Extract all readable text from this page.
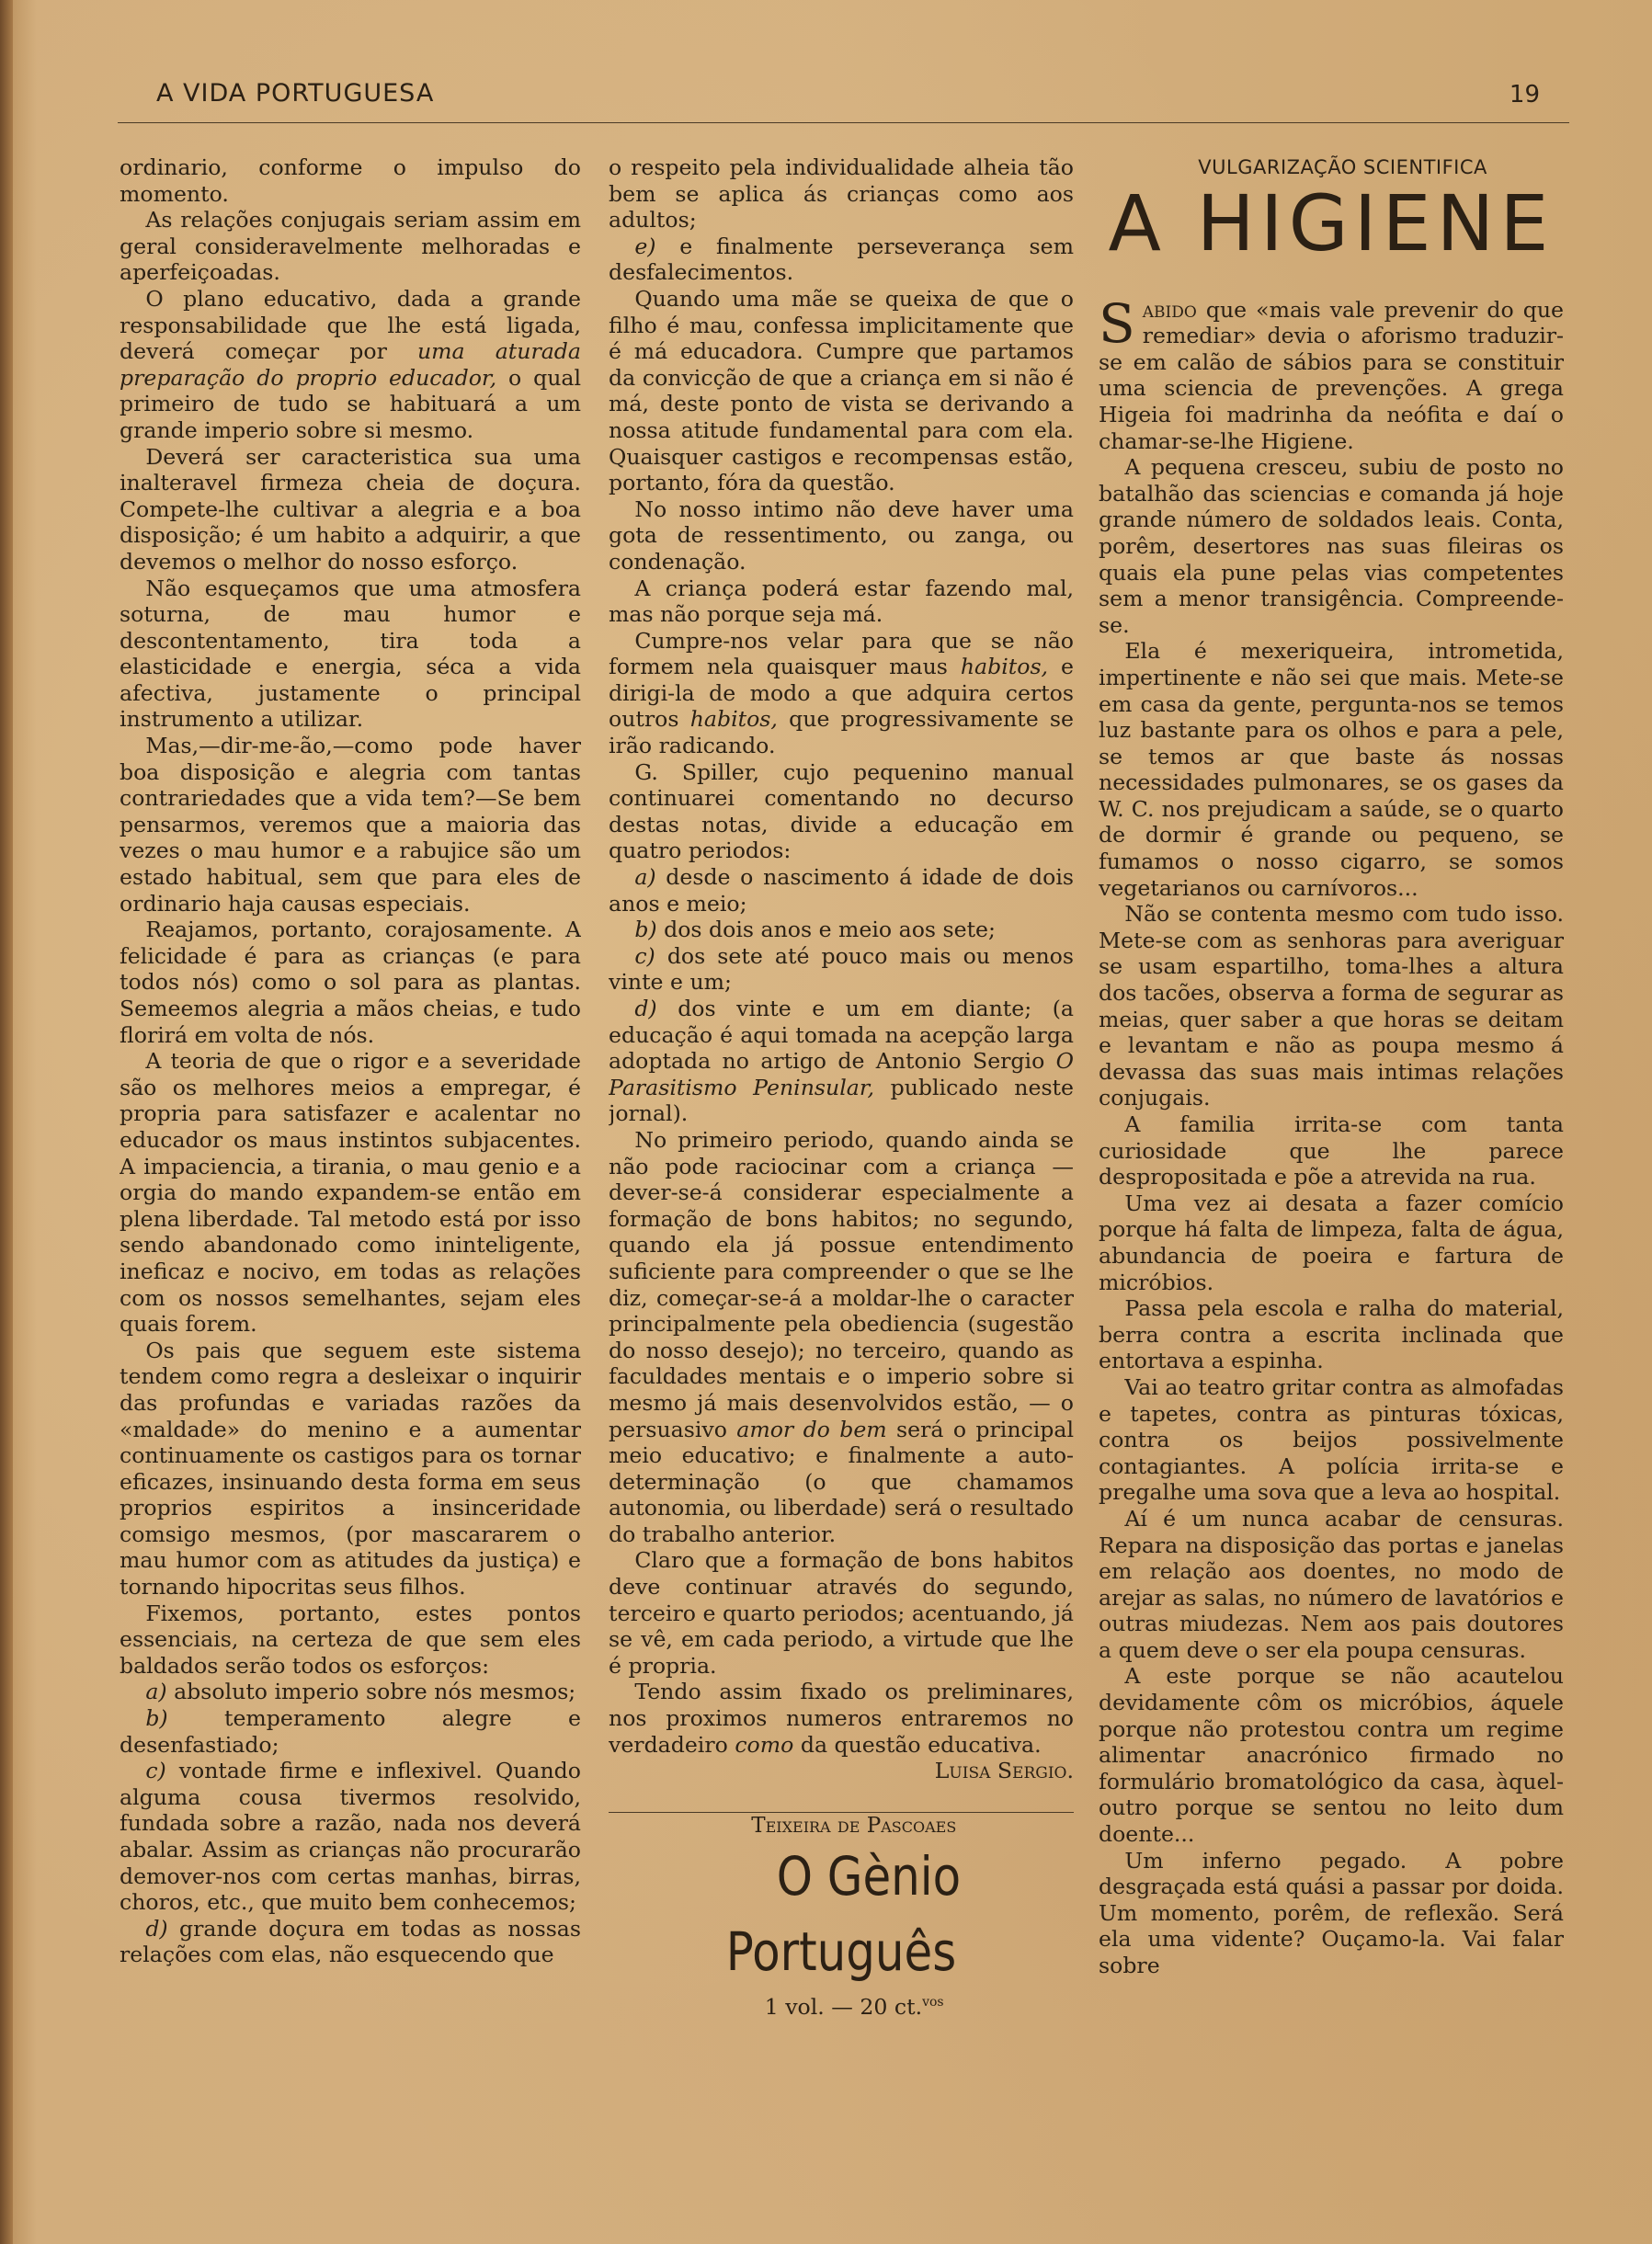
A VIDA PORTUGUESA	19

ordinario, conforme o impulso do momento.

As relações conjugais seriam assim em geral consideravelmente melhoradas e aperfeiçoadas.

O plano educativo, dada a grande responsabilidade que lhe está ligada, deverá começar por uma aturada preparação do proprio educador, o qual primeiro de tudo se habituará a um grande imperio sobre si mesmo.

Deverá ser caracteristica sua uma inalteravel firmeza cheia de doçura. Compete-lhe cultivar a alegria e a boa disposição; é um habito a adquirir, a que devemos o melhor do nosso esforço.

Não esqueçamos que uma atmosfera soturna, de mau humor e descontentamento, tira toda a elasticidade e energia, séca a vida afectiva, justamente o principal instrumento a utilizar.

Mas,—dir-me-ão,—como pode haver boa disposição e alegria com tantas contrariedades que a vida tem?—Se bem pensarmos, veremos que a maioria das vezes o mau humor e a rabujice são um estado habitual, sem que para eles de ordinario haja causas especiais.

Reajamos, portanto, corajosamente. A felicidade é para as crianças (e para todos nós) como o sol para as plantas. Semeemos alegria a mãos cheias, e tudo florirá em volta de nós.

A teoria de que o rigor e a severidade são os melhores meios a empregar, é propria para satisfazer e acalentar no educador os maus instintos subjacentes. A impaciencia, a tirania, o mau genio e a orgia do mando expandem-se então em plena liberdade. Tal metodo está por isso sendo abandonado como ininteligente, ineficaz e nocivo, em todas as relações com os nossos semelhantes, sejam eles quais forem.

Os pais que seguem este sistema tendem como regra a desleixar o inquirir das profundas e variadas razões da «maldade» do menino e a aumentar continuamente os castigos para os tornar eficazes, insinuando desta forma em seus proprios espiritos a insinceridade comsigo mesmos, (por mascararem o mau humor com as atitudes da justiça) e tornando hipocritas seus filhos.

Fixemos, portanto, estes pontos essenciais, na certeza de que sem eles baldados serão todos os esforços:

a) absoluto imperio sobre nós mesmos;

b) temperamento alegre e desenfastiado;

c) vontade firme e inflexivel. Quando alguma cousa tivermos resolvido, fundada sobre a razão, nada nos deverá abalar. Assim as crianças não procurarão demover-nos com certas manhas, birras, choros, etc., que muito bem conhecemos;

d) grande doçura em todas as nossas relações com elas, não esquecendo que

o respeito pela individualidade alheia tão bem se aplica ás crianças como aos adultos;

e) e finalmente perseverança sem desfalecimentos.

Quando uma mãe se queixa de que o filho é mau, confessa implicitamente que é má educadora. Cumpre que partamos da convicção de que a criança em si não é má, deste ponto de vista se derivando a nossa atitude fundamental para com ela. Quaisquer castigos e recompensas estão, portanto, fóra da questão.

No nosso intimo não deve haver uma gota de ressentimento, ou zanga, ou condenação.

A criança poderá estar fazendo mal, mas não porque seja má.

Cumpre-nos velar para que se não formem nela quaisquer maus habitos, e dirigi-la de modo a que adquira certos outros habitos, que progressivamente se irão radicando.

G. Spiller, cujo pequenino manual continuarei comentando no decurso destas notas, divide a educação em quatro periodos:

a) desde o nascimento á idade de dois anos e meio;

b) dos dois anos e meio aos sete;

c) dos sete até pouco mais ou menos vinte e um;

d) dos vinte e um em diante; (a educação é aqui tomada na acepção larga adoptada no artigo de Antonio Sergio O Parasitismo Peninsular, publicado neste jornal).

No primeiro periodo, quando ainda se não pode raciocinar com a criança —dever-se-á considerar especialmente a formação de bons habitos; no segundo, quando ela já possue entendimento suficiente para compreender o que se lhe diz, começar-se-á a moldar-lhe o caracter principalmente pela obediencia (sugestão do nosso desejo); no terceiro, quando as faculdades mentais e o imperio sobre si mesmo já mais desenvolvidos estão, — o persuasivo amor do bem será o principal meio educativo; e finalmente a auto-determinação (o que chamamos autonomia, ou liberdade) será o resultado do trabalho anterior.

Claro que a formação de bons habitos deve continuar através do segundo, terceiro e quarto periodos; acentuando, já se vê, em cada periodo, a virtude que lhe é propria.

Tendo assim fixado os preliminares, nos proximos numeros entraremos no verdadeiro como da questão educativa.

Luisa Sergio.

Teixeira de Pascoaes

O Gènio Português

1 vol. — 20 ct.$^{vos}$

VULGARIZAÇÃO SCIENTIFICA

A HIGIENE

Sabido que «mais vale prevenir do que remediar» devia o aforismo traduzir-se em calão de sábios para se constituir uma sciencia de prevenções. A grega Higeia foi madrinha da neófita e daí o chamar-se-lhe Higiene.

A pequena cresceu, subiu de posto no batalhão das sciencias e comanda já hoje grande número de soldados leais. Conta, porêm, desertores nas suas fileiras os quais ela pune pelas vias competentes sem a menor transigência. Compreende-se.

Ela é mexeriqueira, intrometida, impertinente e não sei que mais. Mete-se em casa da gente, pergunta-nos se temos luz bastante para os olhos e para a pele, se temos ar que baste ás nossas necessidades pulmonares, se os gases da W. C. nos prejudicam a saúde, se o quarto de dormir é grande ou pequeno, se fumamos o nosso cigarro, se somos vegetarianos ou carnívoros...

Não se contenta mesmo com tudo isso. Mete-se com as senhoras para averiguar se usam espartilho, toma-lhes a altura dos tacões, observa a forma de segurar as meias, quer saber a que horas se deitam e levantam e não as poupa mesmo á devassa das suas mais intimas relações conjugais.

A familia irrita-se com tanta curiosidade que lhe parece despropositada e põe a atrevida na rua.

Uma vez ai desata a fazer comício porque há falta de limpeza, falta de água, abundancia de poeira e fartura de micróbios.

Passa pela escola e ralha do material, berra contra a escrita inclinada que entortava a espinha.

Vai ao teatro gritar contra as almofadas e tapetes, contra as pinturas tóxicas, contra os beijos possivelmente contagiantes. A polícia irrita-se e pregalhe uma sova que a leva ao hospital.

Aí é um nunca acabar de censuras. Repara na disposição das portas e janelas em relação aos doentes, no modo de arejar as salas, no número de lavatórios e outras miudezas. Nem aos pais doutores a quem deve o ser ela poupa censuras.

A este porque se não acautelou devidamente côm os micróbios, áquele porque não protestou contra um regime alimentar anacrónico firmado no formulário bromatológico da casa, àquel-outro porque se sentou no leito dum doente...

Um inferno pegado. A pobre desgraçada está quási a passar por doida. Um momento, porêm, de reflexão. Será ela uma vidente? Ouçamo-la. Vai falar sobre
